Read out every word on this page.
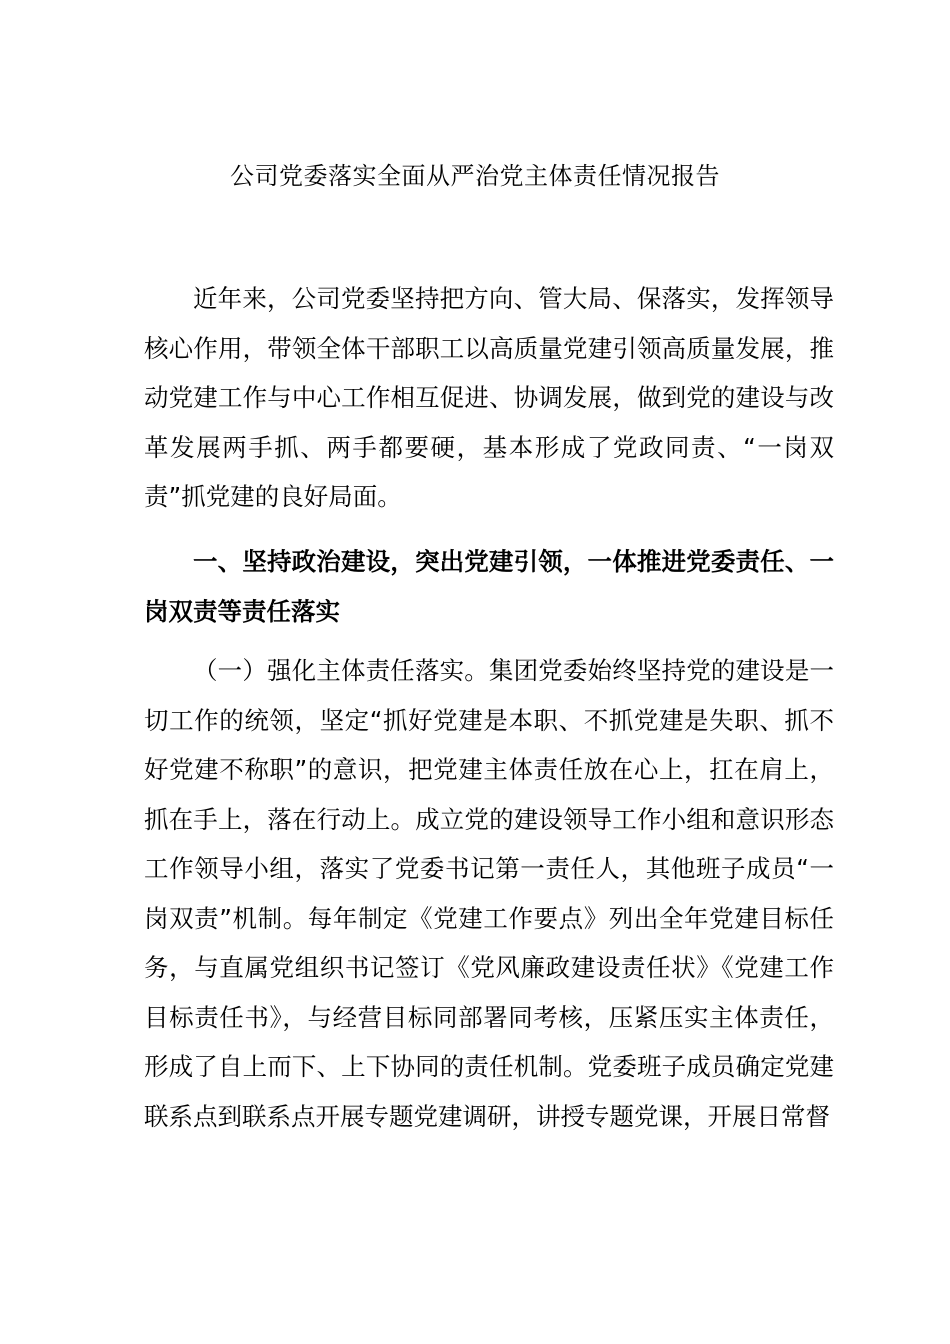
公司党委落实全面从严治党主体责任情况报告

近年来，公司党委坚持把方向、管大局、保落实，发挥领导核心作用，带领全体干部职工以高质量党建引领高质量发展，推动党建工作与中心工作相互促进、协调发展，做到党的建设与改革发展两手抓、两手都要硬，基本形成了党政同责、“一岗双责”抓党建的良好局面。

一、坚持政治建设，突出党建引领，一体推进党委责任、一岗双责等责任落实

（一）强化主体责任落实。集团党委始终坚持党的建设是一切工作的统领，坚定“抓好党建是本职、不抓党建是失职、抓不好党建不称职”的意识，把党建主体责任放在心上，扛在肩上，抓在手上，落在行动上。成立党的建设领导工作小组和意识形态工作领导小组，落实了党委书记第一责任人，其他班子成员“一岗双责”机制。每年制定《党建工作要点》列出全年党建目标任务，与直属党组织书记签订《党风廉政建设责任状》《党建工作目标责任书》，与经营目标同部署同考核，压紧压实主体责任，形成了自上而下、上下协同的责任机制。党委班子成员确定党建联系点到联系点开展专题党建调研，讲授专题党课，开展日常督
